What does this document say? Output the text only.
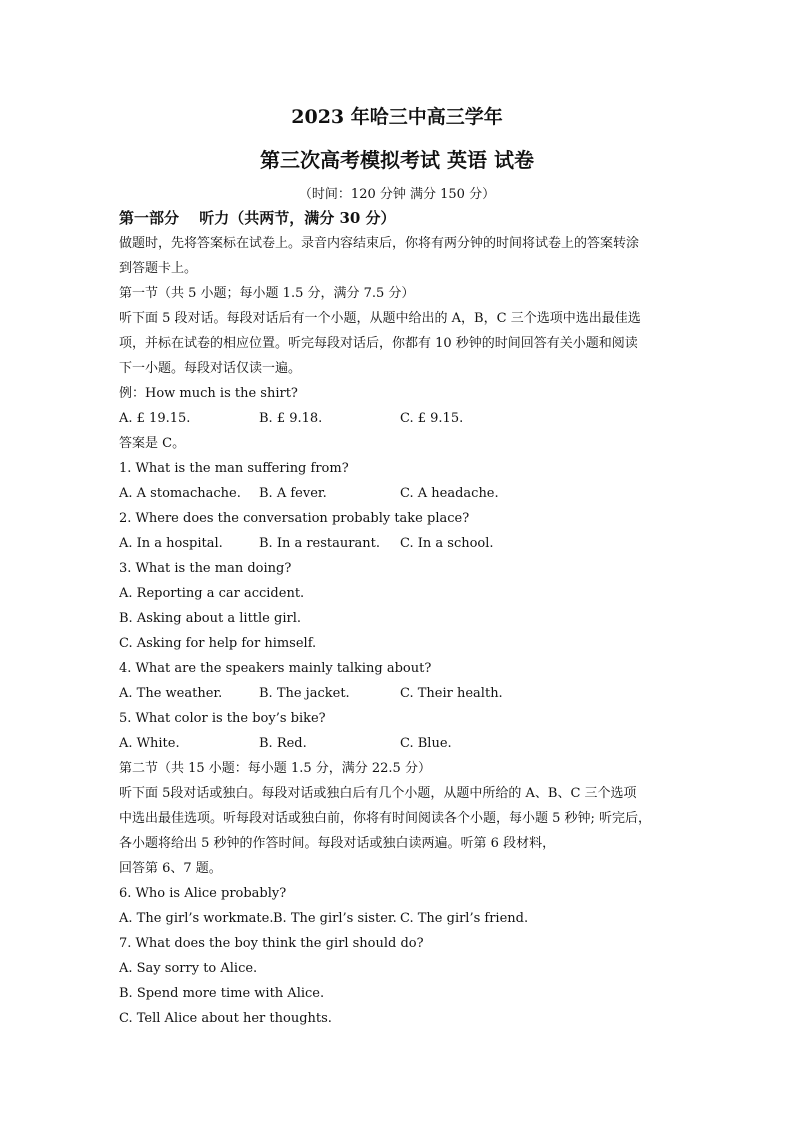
2023 年哈三中高三学年
第三次高考模拟考试 英语 试卷
（时间：120 分钟 满分 150 分）
第一部分　 听力（共两节，满分 30 分）
做题时，先将答案标在试卷上。录音内容结束后，你将有两分钟的时间将试卷上的答案转涂
到答题卡上。
第一节（共 5 小题；每小题 1.5 分，满分 7.5 分）
听下面 5 段对话。每段对话后有一个小题，从题中给出的 A，B，C 三个选项中选出最佳选
项，并标在试卷的相应位置。听完每段对话后，你都有 10 秒钟的时间回答有关小题和阅读
下一小题。每段对话仅读一遍。
例：How much is the shirt?
A. £ 19.15.	B. £ 9.18.	C. £ 9.15.
答案是 C。
1. What is the man suffering from?
A. A stomachache. B. A fever.	C. A headache.
2. Where does the conversation probably take place?
A. In a hospital.	B. In a restaurant. C. In a school.
3. What is the man doing?
A. Reporting a car accident.
B. Asking about a little girl.
C. Asking for help for himself.
4. What are the speakers mainly talking about?
A. The weather.	B. The jacket.	C. Their health.
5. What color is the boy’s bike?
A. White.	B. Red.	C. Blue.
第二节（共 15 小题：每小题 1.5 分，满分 22.5 分）
听下面 5段对话或独白。每段对话或独白后有几个小题，从题中所给的 A、B、C 三个选项
中选出最佳选项。听每段对话或独白前，你将有时间阅读各个小题，每小题 5 秒钟; 听完后，
各小题将给出 5 秒钟的作答时间。每段对话或独白读两遍。听第 6 段材料，
回答第 6、7 题。
6. Who is Alice probably?
A. The girl’s workmate. B. The girl’s sister. C. The girl’s friend.
7. What does the boy think the girl should do?
A. Say sorry to Alice.
B. Spend more time with Alice.
C. Tell Alice about her thoughts.
